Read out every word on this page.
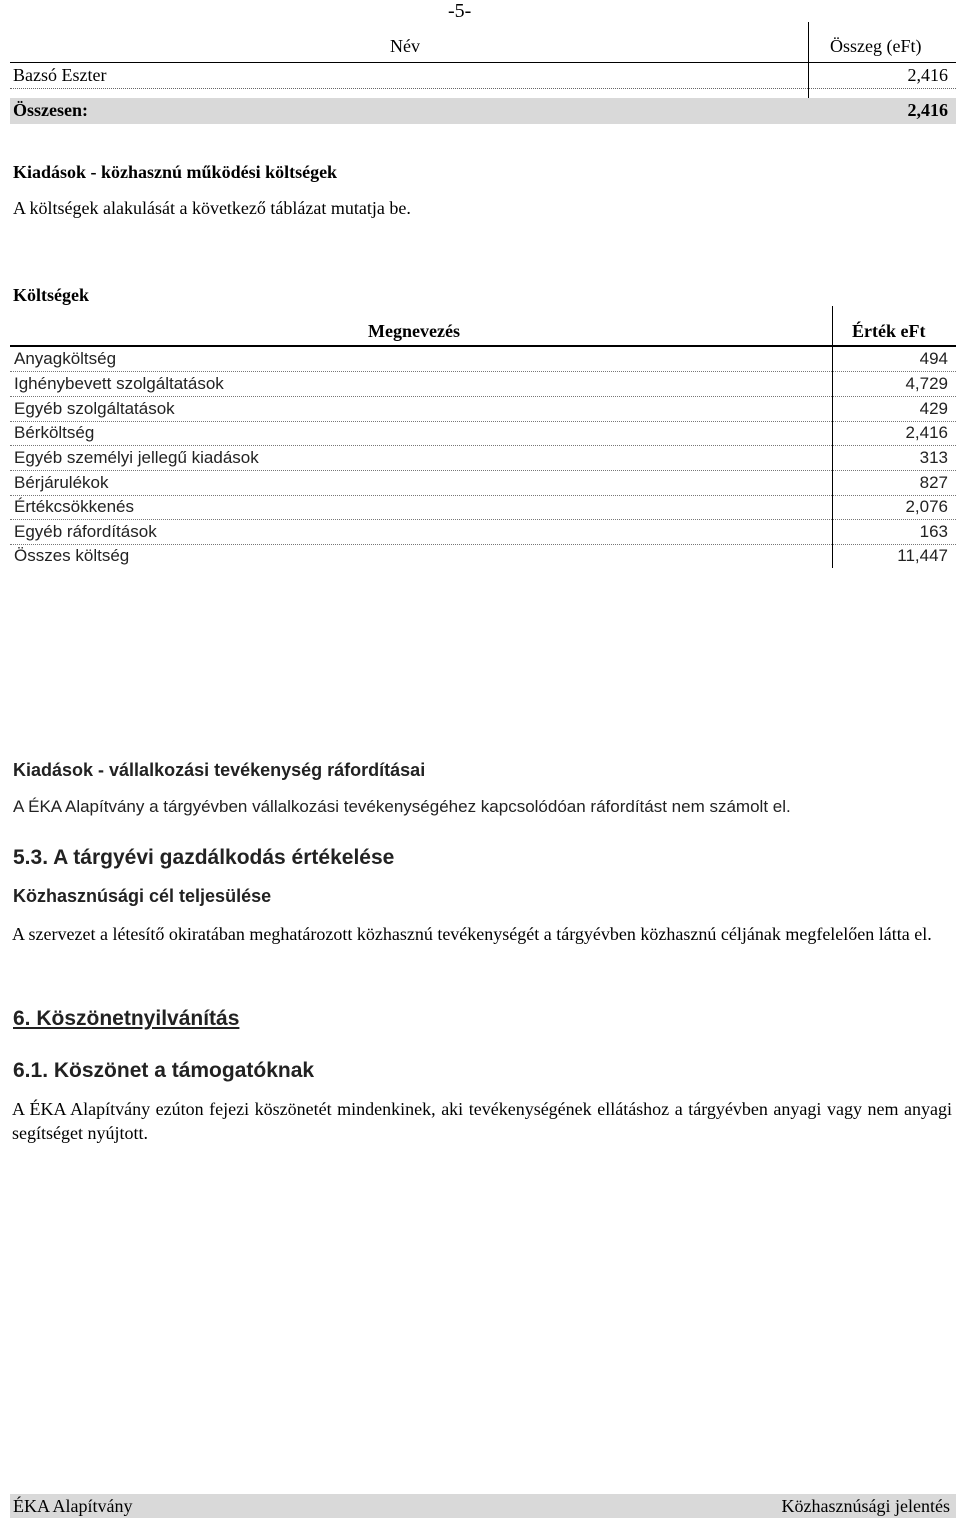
-5-
Név	Összeg (eFt)
Bazsó Eszter	2,416
Összesen:	2,416
Kiadások - közhasznú működési költségek
A költségek alakulását a következő táblázat mutatja be.
Költségek
Megnevezés	Érték eFt
Anyagköltség	494
Ighénybevett szolgáltatások	4,729
Egyéb szolgáltatások	429
Bérköltség	2,416
Egyéb személyi jellegű kiadások	313
Bérjárulékok	827
Értékcsökkenés	2,076
Egyéb ráfordítások	163
Összes költség	11,447
Kiadások - vállalkozási tevékenység ráfordításai
A ÉKA Alapítvány a tárgyévben vállalkozási tevékenységéhez kapcsolódóan ráfordítást nem számolt el.
5.3. A tárgyévi gazdálkodás értékelése
Közhasznúsági cél teljesülése
A szervezet a létesítő okiratában meghatározott közhasznú tevékenységét a tárgyévben közhasznú céljának megfelelően látta el.
6. Köszönetnyilvánítás
6.1. Köszönet a támogatóknak
A ÉKA Alapítvány ezúton fejezi köszönetét mindenkinek, aki tevékenységének ellátáshoz a tárgyévben anyagi vagy nem anyagi segítséget nyújtott.
ÉKA Alapítvány	Közhasznúsági jelentés
